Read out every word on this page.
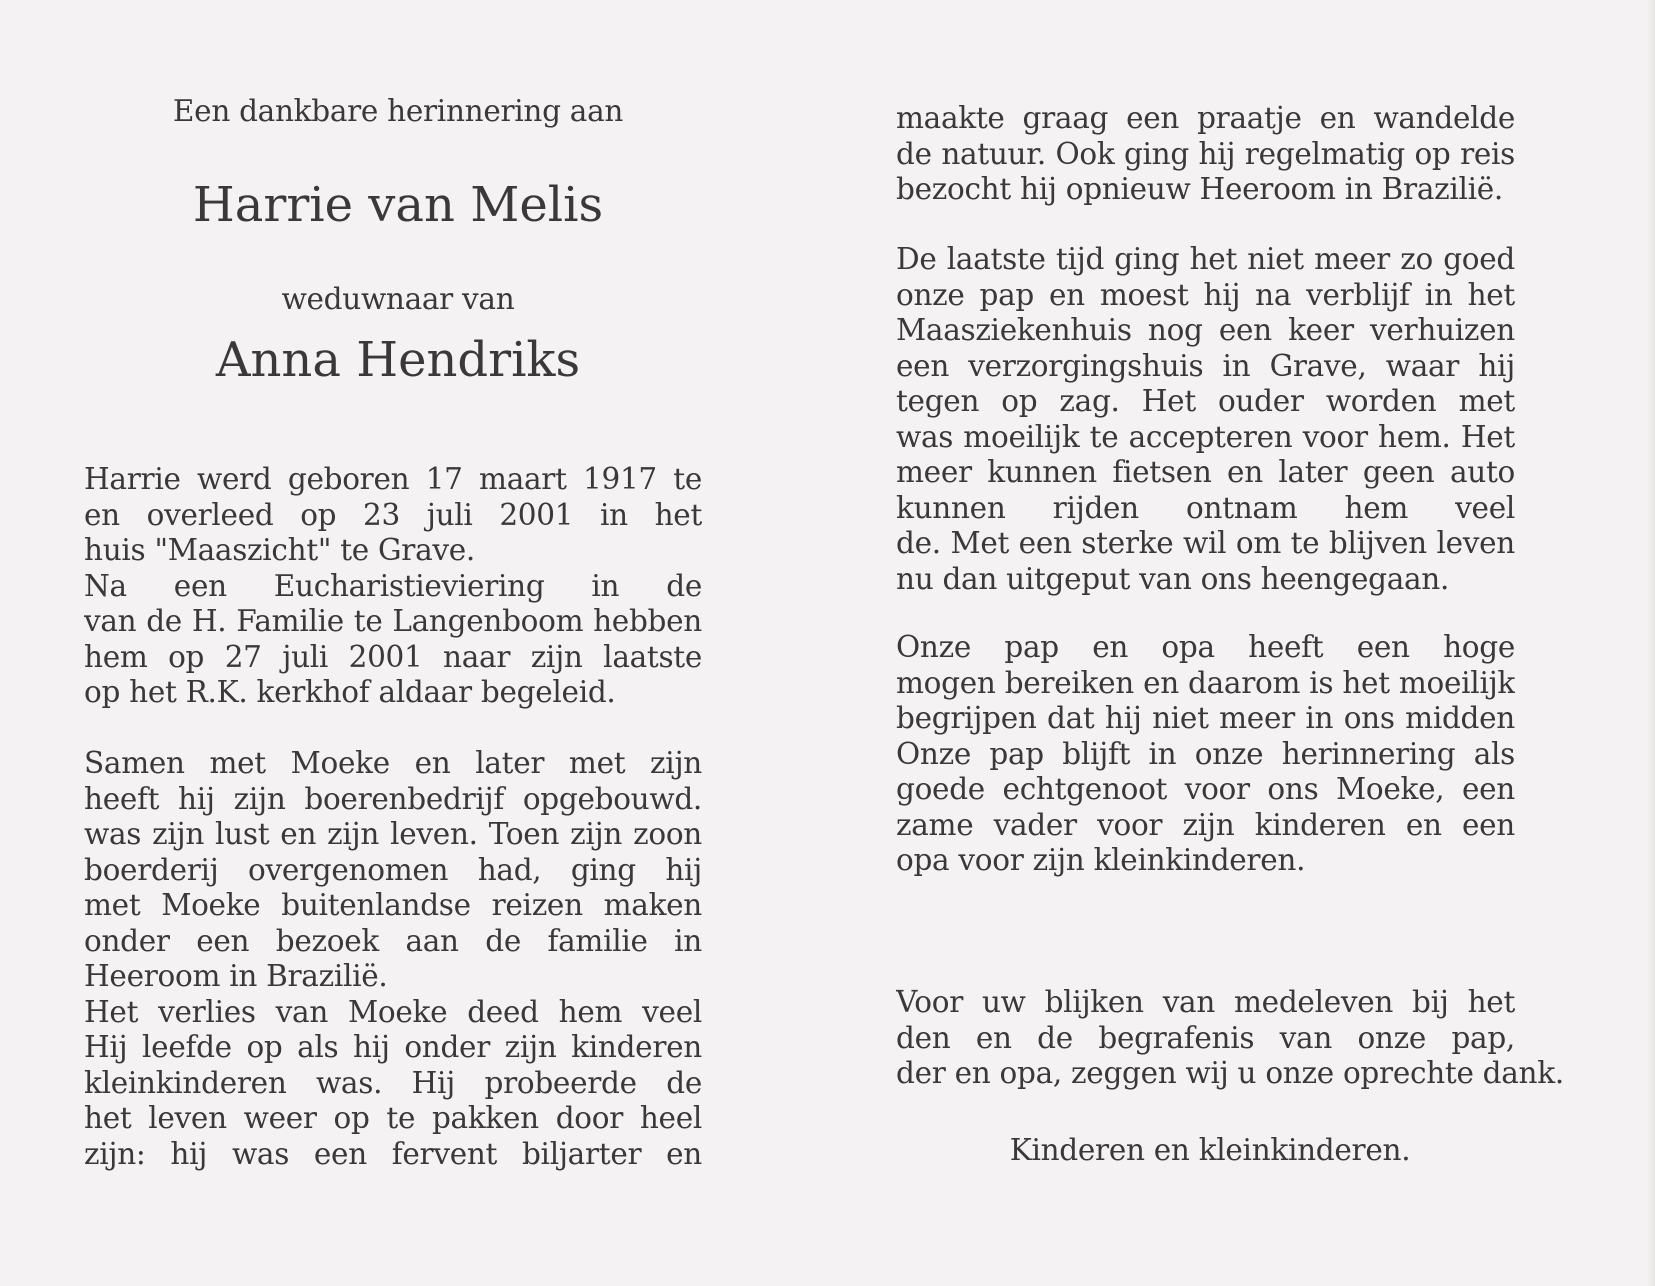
Een dankbare herinnering aan
Harrie van Melis
weduwnaar van
Anna Hendriks
Harrie werd geboren 17 maart 1917 te
en overleed op 23 juli 2001 in het
huis "Maaszicht" te Grave.
Na een Eucharistieviering in de
van de H. Familie te Langenboom hebben
hem op 27 juli 2001 naar zijn laatste
op het R.K. kerkhof aldaar begeleid.
Samen met Moeke en later met zijn
heeft hij zijn boerenbedrijf opgebouwd.
was zijn lust en zijn leven. Toen zijn zoon
boerderij overgenomen had, ging hij
met Moeke buitenlandse reizen maken
onder een bezoek aan de familie in
Heeroom in Brazilië.
Het verlies van Moeke deed hem veel
Hij leefde op als hij onder zijn kinderen
kleinkinderen was. Hij probeerde de
het leven weer op te pakken door heel
zijn: hij was een fervent biljarter en
maakte graag een praatje en wandelde
de natuur. Ook ging hij regelmatig op reis
bezocht hij opnieuw Heeroom in Brazilië.
De laatste tijd ging het niet meer zo goed
onze pap en moest hij na verblijf in het
Maasziekenhuis nog een keer verhuizen
een verzorgingshuis in Grave, waar hij
tegen op zag. Het ouder worden met
was moeilijk te accepteren voor hem. Het
meer kunnen fietsen en later geen auto
kunnen rijden ontnam hem veel
de. Met een sterke wil om te blijven leven
nu dan uitgeput van ons heengegaan.
Onze pap en opa heeft een hoge
mogen bereiken en daarom is het moeilijk
begrijpen dat hij niet meer in ons midden
Onze pap blijft in onze herinnering als
goede echtgenoot voor ons Moeke, een
zame vader voor zijn kinderen en een
opa voor zijn kleinkinderen.
Voor uw blijken van medeleven bij het
den en de begrafenis van onze pap,
der en opa, zeggen wij u onze oprechte dank.
Kinderen en kleinkinderen.
